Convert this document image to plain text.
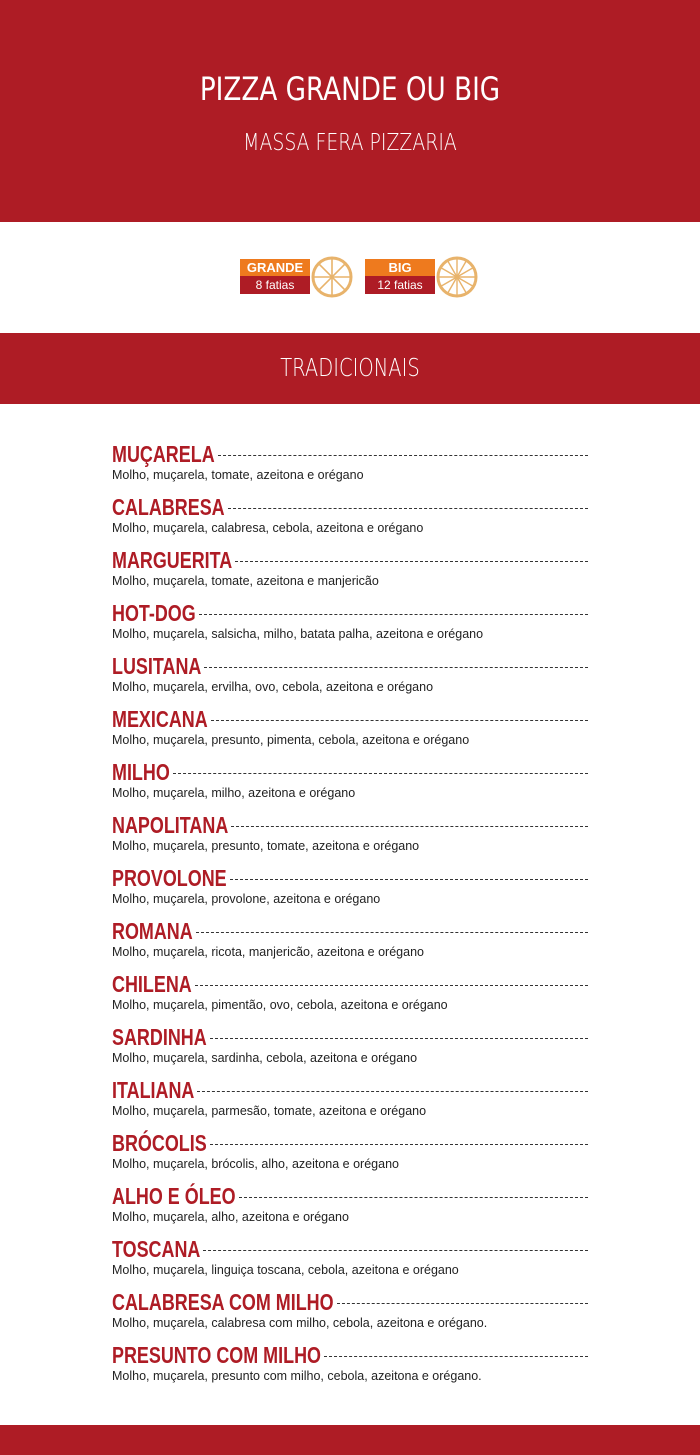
PIZZA GRANDE OU BIG
MASSA FERA PIZZARIA
GRANDE
8 fatias
BIG
12 fatias
TRADICIONAIS
MUÇARELA
Molho, muçarela, tomate, azeitona e orégano
CALABRESA
Molho, muçarela, calabresa, cebola, azeitona e orégano
MARGUERITA
Molho, muçarela, tomate, azeitona e manjericão
HOT-DOG
Molho, muçarela, salsicha, milho, batata palha, azeitona e orégano
LUSITANA
Molho, muçarela, ervilha, ovo, cebola, azeitona e orégano
MEXICANA
Molho, muçarela, presunto, pimenta, cebola, azeitona e orégano
MILHO
Molho, muçarela, milho, azeitona e orégano
NAPOLITANA
Molho, muçarela, presunto, tomate, azeitona e orégano
PROVOLONE
Molho, muçarela, provolone, azeitona e orégano
ROMANA
Molho, muçarela, ricota, manjericão, azeitona e orégano
CHILENA
Molho, muçarela, pimentão, ovo, cebola, azeitona e orégano
SARDINHA
Molho, muçarela, sardinha, cebola, azeitona e orégano
ITALIANA
Molho, muçarela, parmesão, tomate, azeitona e orégano
BRÓCOLIS
Molho, muçarela, brócolis, alho, azeitona e orégano
ALHO E ÓLEO
Molho, muçarela, alho, azeitona e orégano
TOSCANA
Molho, muçarela, linguiça toscana, cebola, azeitona e orégano
CALABRESA COM MILHO
Molho, muçarela, calabresa com milho, cebola, azeitona e orégano.
PRESUNTO COM MILHO
Molho, muçarela, presunto com milho, cebola, azeitona e orégano.
